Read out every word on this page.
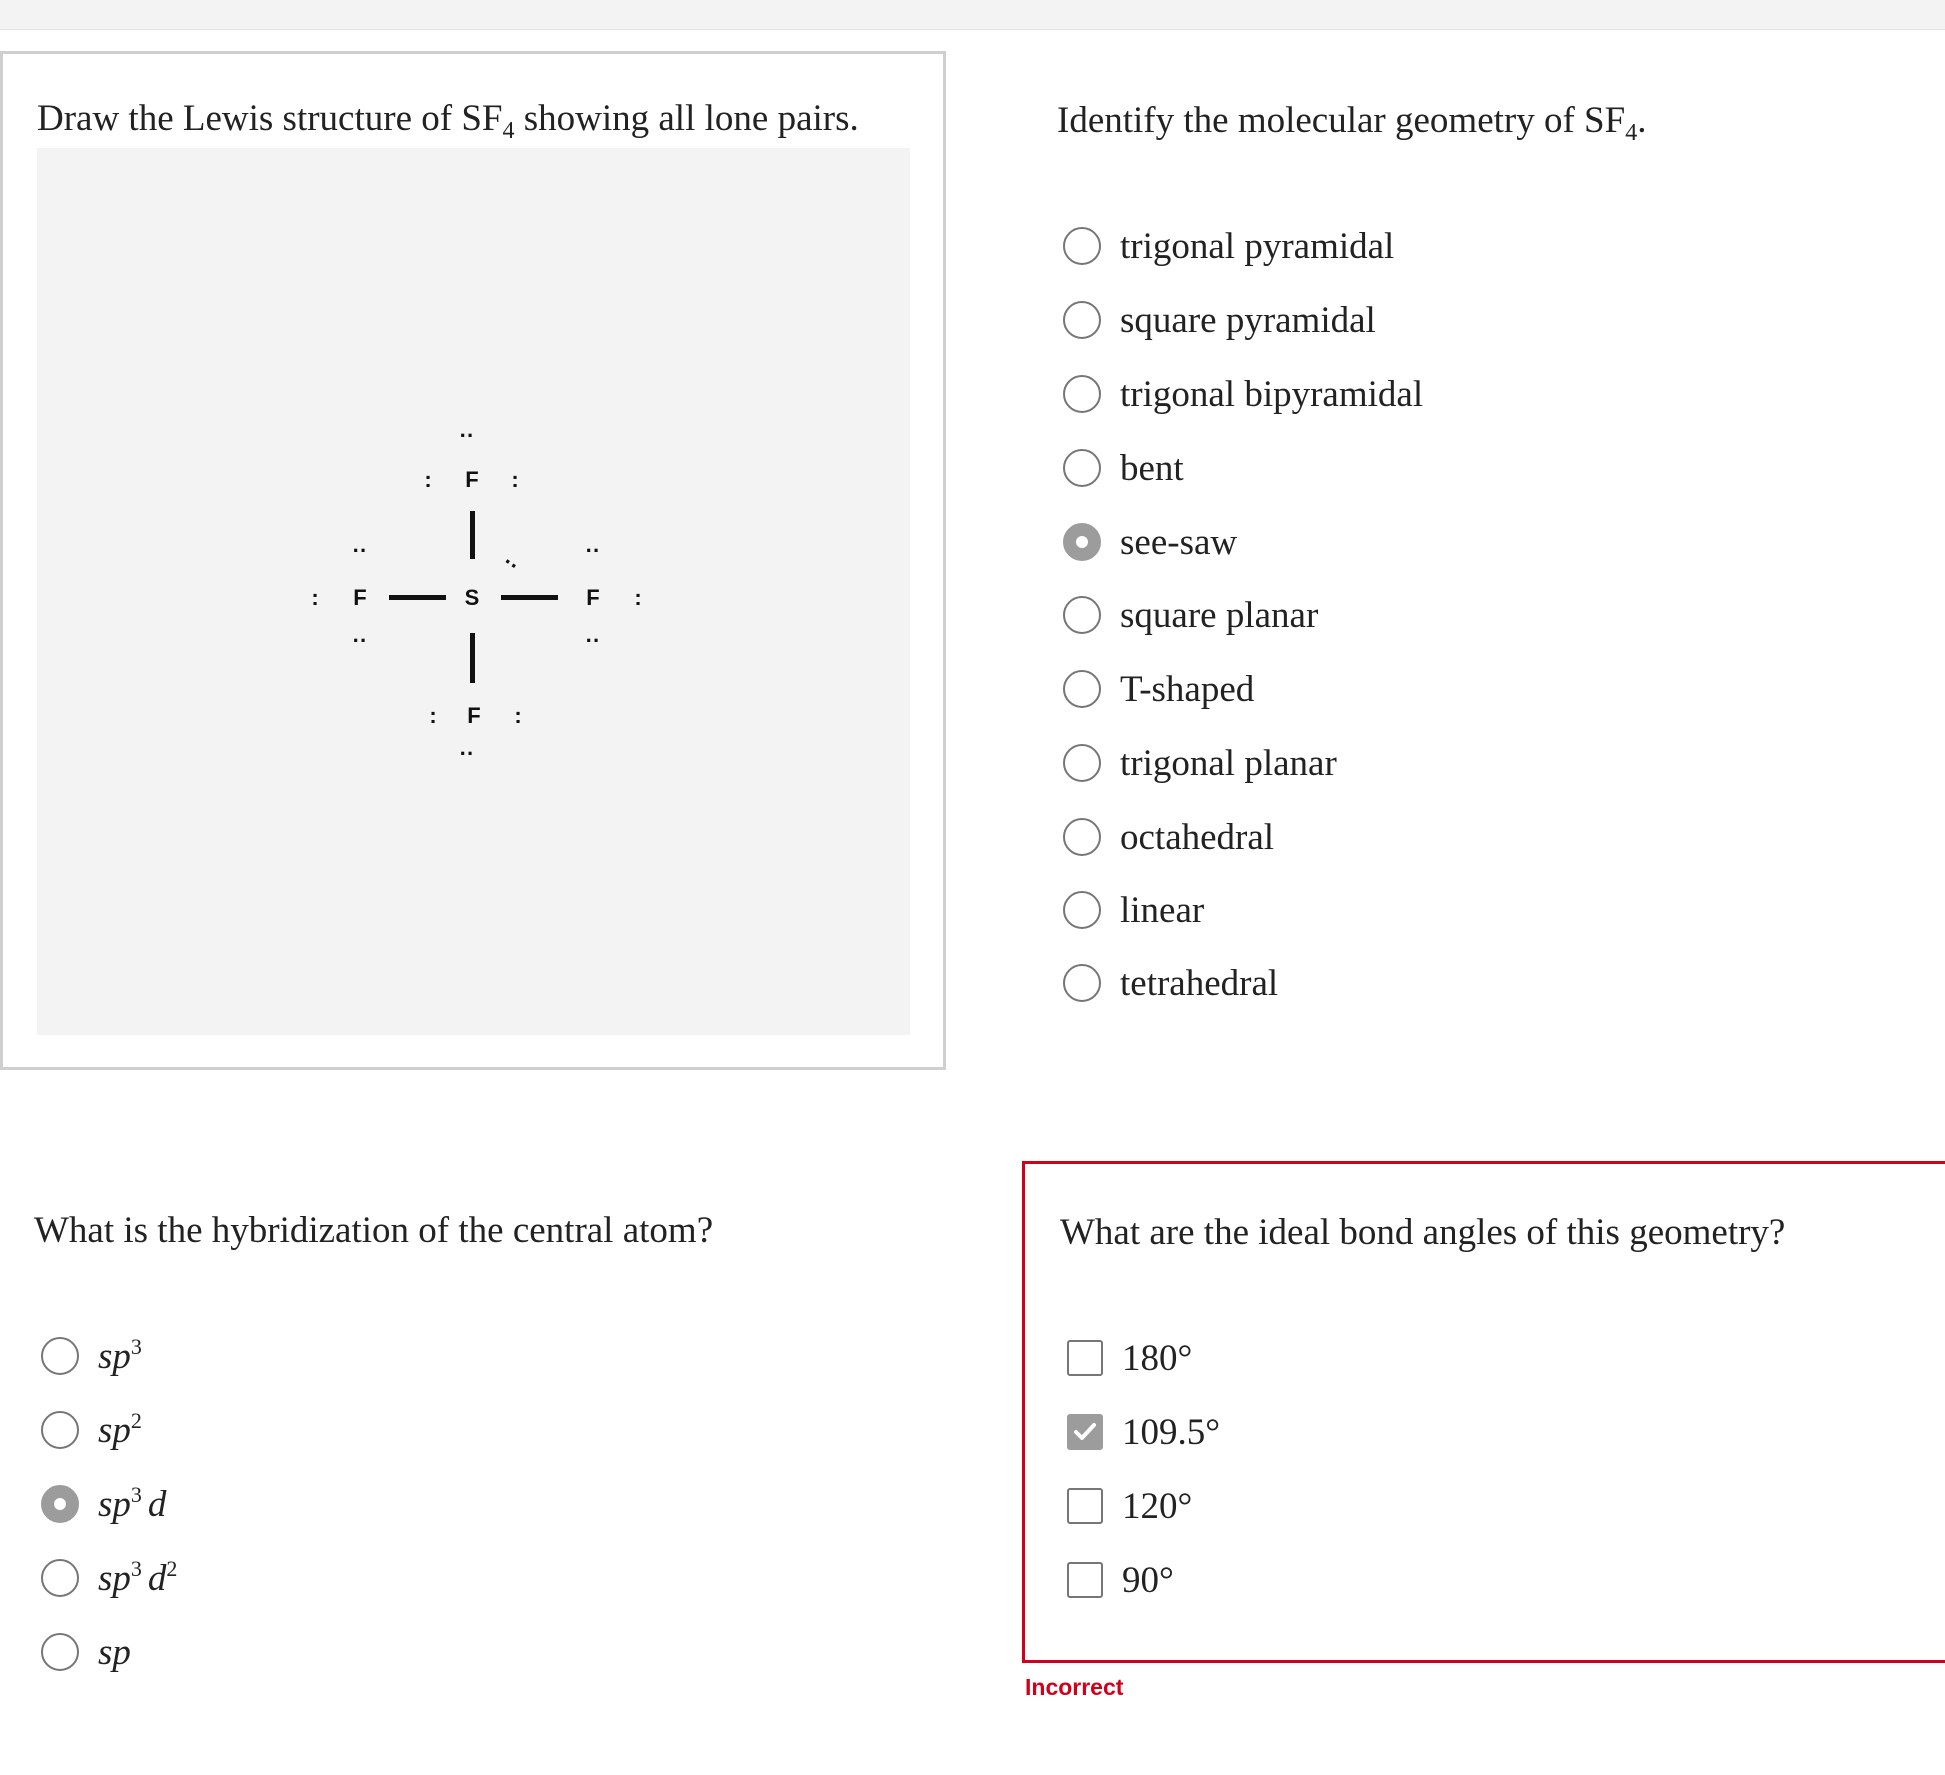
Draw the Lewis structure of $SF_4$ showing all lone pairs.
S
F
F
F	F
:	:
:	:
:	:
··
··
··
··
··
··
··
Identify the molecular geometry of $SF_4$.
trigonal pyramidal
square pyramidal
trigonal bipyramidal
bent
see-saw
square planar
T-shaped
trigonal planar
octahedral
linear
tetrahedral
What is the hybridization of the central atom?
$sp^3$
$sp^2$
$sp^3$ d
$sp^3$ $d^2$
sp
What are the ideal bond angles of this geometry?
180°
109.5°
120°
90°
Incorrect
